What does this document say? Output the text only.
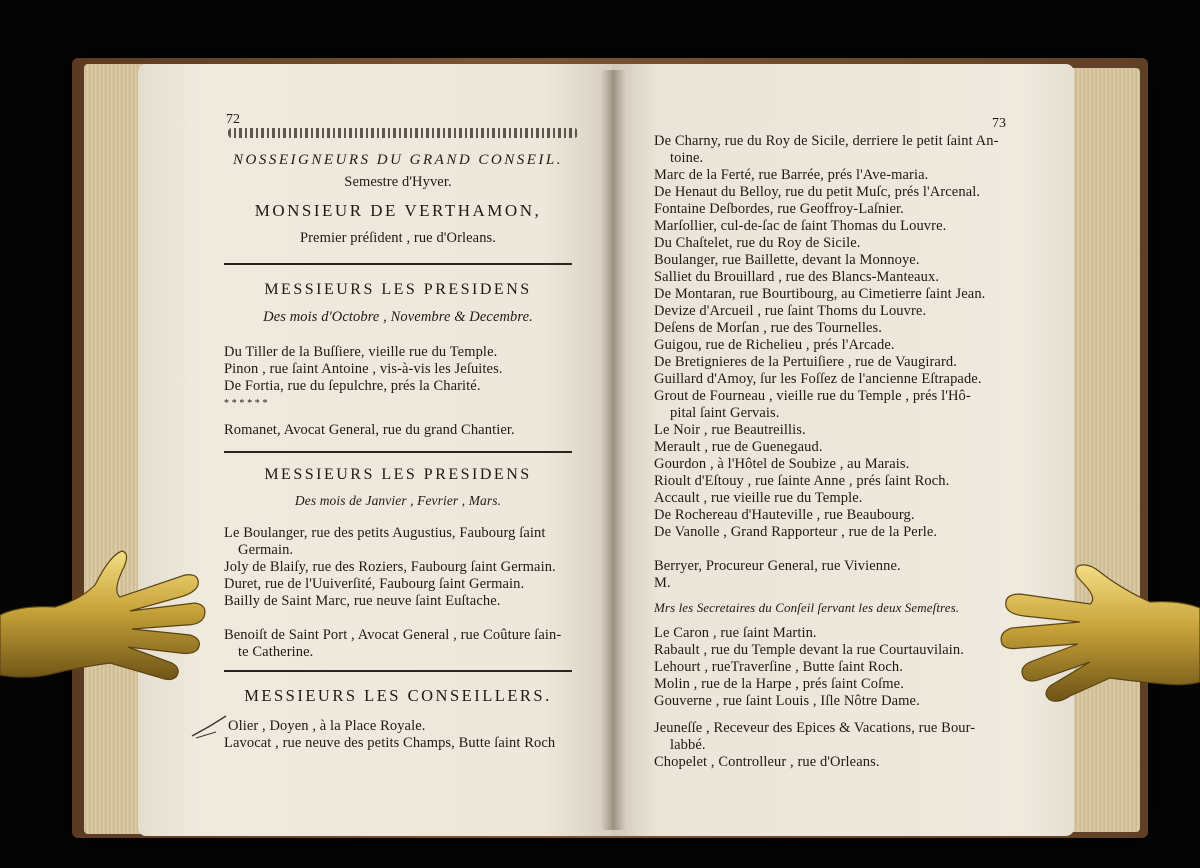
72
NOSSEIGNEURS DU GRAND CONSEIL.
Semestre d'Hyver.
MONSIEUR DE VERTHAMON,
Premier préſident , rue d'Orleans.
MESSIEURS LES PRESIDENS
Des mois d'Octobre , Novembre & Decembre.
Du Tiller de la Buſſiere, vieille rue du Temple.
Pinon , rue ſaint Antoine , vis-à-vis les Jeſuites.
De Fortia, rue du ſepulchre, prés la Charité.
* * * * * *
Romanet, Avocat General, rue du grand Chantier.
MESSIEURS LES PRESIDENS
Des mois de Janvier , Fevrier , Mars.
Le Boulanger, rue des petits Augustius, Faubourg ſaint
Germain.
Joly de Blaiſy, rue des Roziers, Faubourg ſaint Germain.
Duret, rue de l'Uuiverſité, Faubourg ſaint Germain.
Bailly de Saint Marc, rue neuve ſaint Euſtache.
Benoiſt de Saint Port , Avocat General , rue Coûture ſain-
te Catherine.
MESSIEURS LES CONSEILLERS.
Olier , Doyen , à la Place Royale.
Lavocat , rue neuve des petits Champs, Butte ſaint Roch
73
De Charny, rue du Roy de Sicile, derriere le petit ſaint An-
toine.
Marc de la Ferté, rue Barrée, prés l'Ave-maria.
De Henaut du Belloy, rue du petit Muſc, prés l'Arcenal.
Fontaine Deſbordes, rue Geoffroy-Laſnier.
Marſollier, cul-de-ſac de ſaint Thomas du Louvre.
Du Chaſtelet, rue du Roy de Sicile.
Boulanger, rue Baillette, devant la Monnoye.
Salliet du Brouillard , rue des Blancs-Manteaux.
De Montaran, rue Bourtibourg, au Cimetierre ſaint Jean.
Devize d'Arcueil , rue ſaint Thoms du Louvre.
Deſens de Morſan , rue des Tournelles.
Guigou, rue de Richelieu , prés l'Arcade.
De Bretignieres de la Pertuiſiere , rue de Vaugirard.
Guillard d'Amoy, ſur les Foſſez de l'ancienne Eſtrapade.
Grout de Fourneau , vieille rue du Temple , prés l'Hô-
pital ſaint Gervais.
Le Noir , rue Beautreillis.
Merault , rue de Guenegaud.
Gourdon , à l'Hôtel de Soubize , au Marais.
Rioult d'Eſtouy , rue ſainte Anne , prés ſaint Roch.
Accault , rue vieille rue du Temple.
De Rochereau d'Hauteville , rue Beaubourg.
De Vanolle , Grand Rapporteur , rue de la Perle.
Berryer, Procureur General, rue Vivienne.
M.
Mrs les Secretaires du Conſeil ſervant les deux Semeſtres.
Le Caron , rue ſaint Martin.
Rabault , rue du Temple devant la rue Courtauvilain.
Lehourt , rueTraverſine , Butte ſaint Roch.
Molin , rue de la Harpe , prés ſaint Coſme.
Gouverne , rue ſaint Louis , Iſle Nôtre Dame.
Jeuneſſe , Receveur des Epices & Vacations, rue Bour-
labbé.
Chopelet , Controlleur , rue d'Orleans.
